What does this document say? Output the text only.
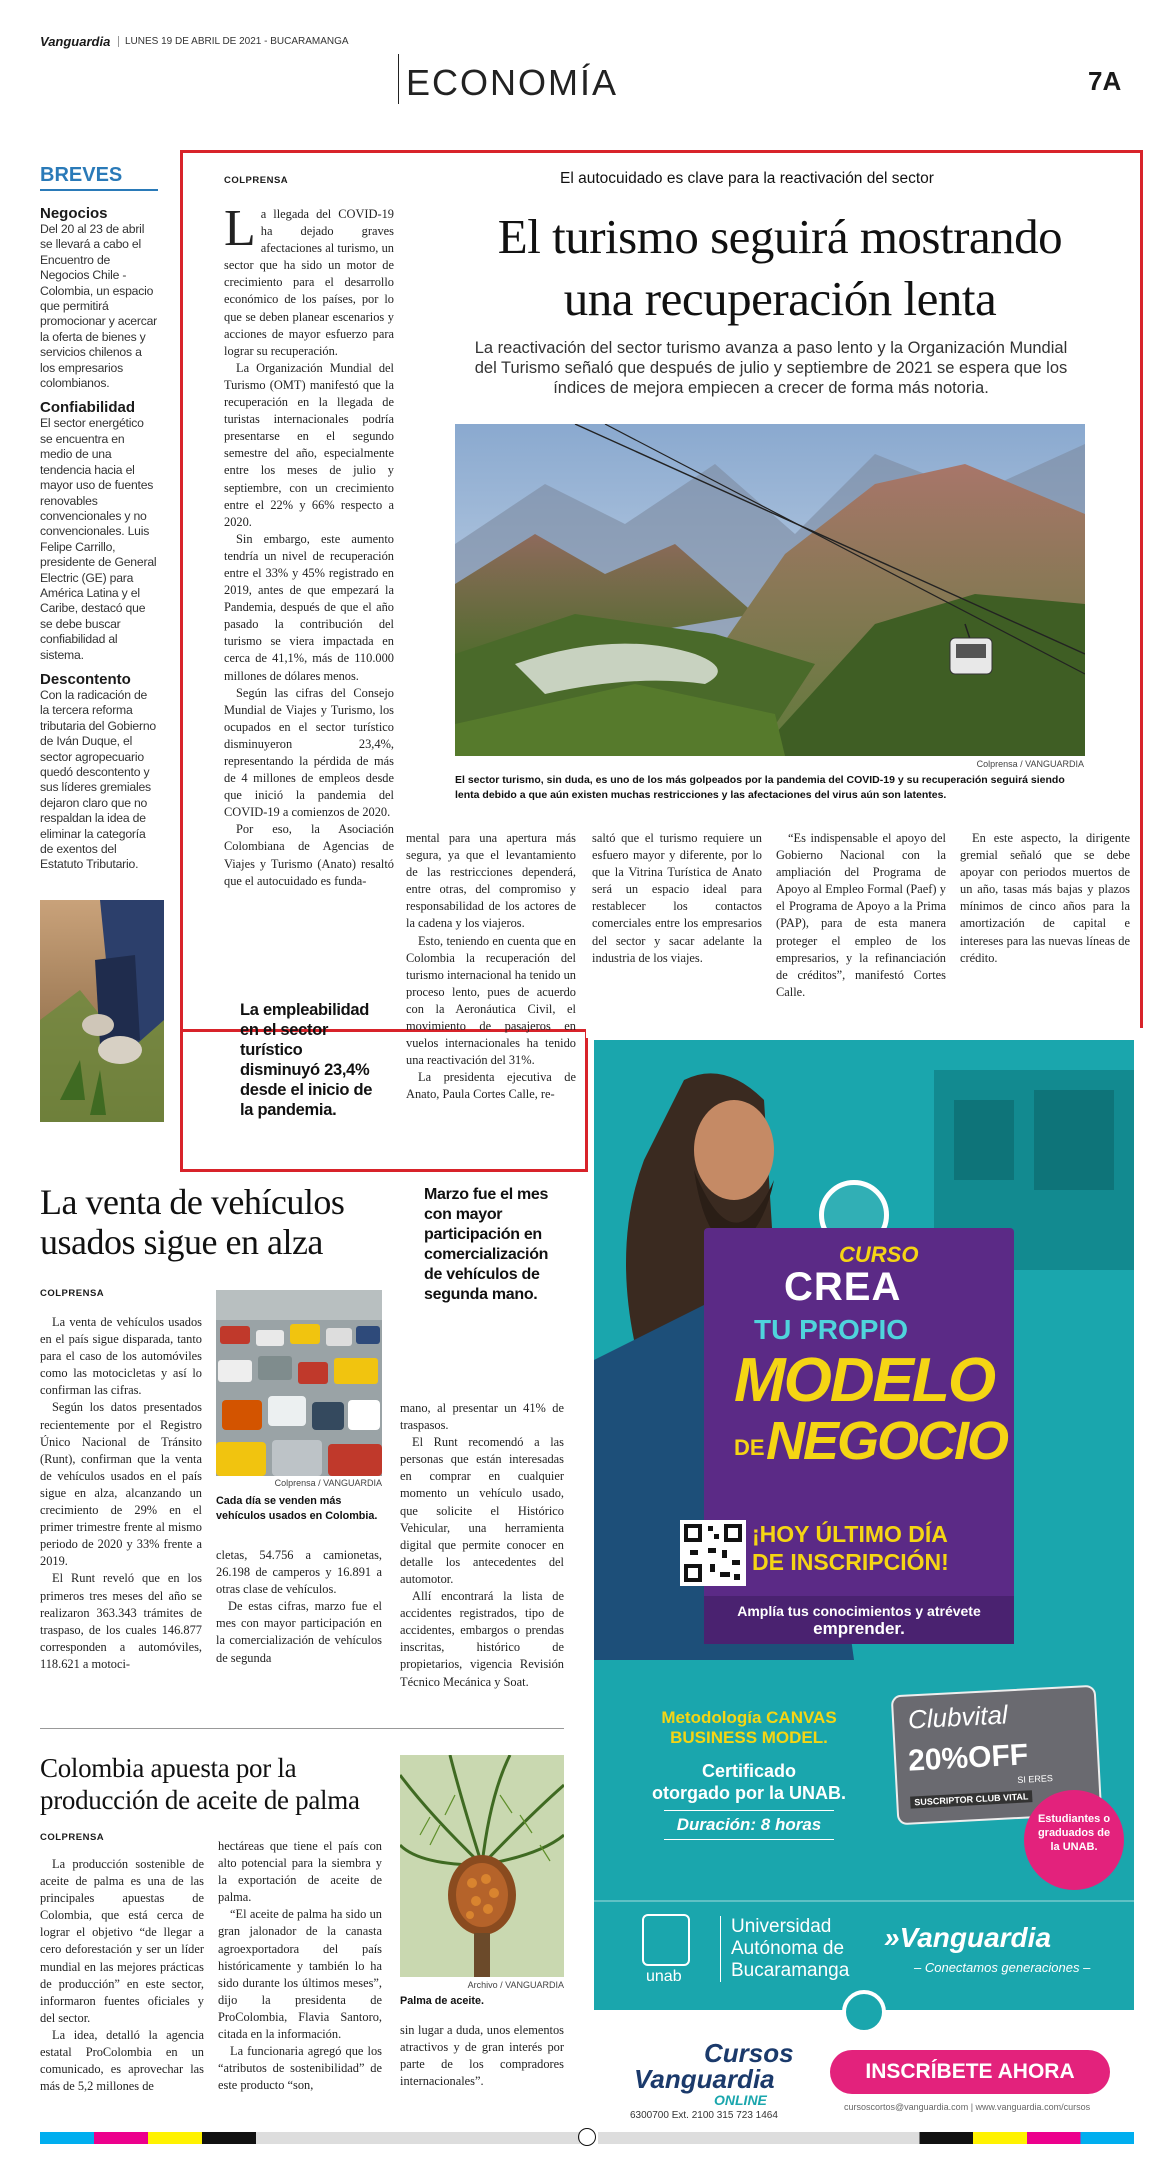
Vanguardia	LUNES 19 DE ABRIL DE 2021 - BUCARAMANGA
ECONOMÍA	7A
BREVES
Negocios
Del 20 al 23 de abril se llevará a cabo el Encuentro de Negocios Chile - Colombia, un espacio que permitirá promocionar y acercar la oferta de bienes y servicios chilenos a los empresarios colombianos.
Confiabilidad
El sector energético se encuentra en medio de una tendencia hacia el mayor uso de fuentes renovables convencionales y no convencionales. Luis Felipe Carrillo, presidente de General Electric (GE) para América Latina y el Caribe, destacó que se debe buscar confiabilidad al sistema.
Descontento
Con la radicación de la tercera reforma tributaria del Gobierno de Iván Duque, el sector agropecuario quedó descontento y sus líderes gremiales dejaron claro que no respaldan la idea de eliminar la categoría de exentos del Estatuto Tributario.
COLPRENSA	El autocuidado es clave para la reactivación del sector
El turismo seguirá mostrando
una recuperación lenta
La reactivación del sector turismo avanza a paso lento y la Organización Mundial del Turismo señaló que después de julio y septiembre de 2021 se espera que los índices de mejora empiecen a crecer de forma más notoria.

La llegada del COVID-19 ha dejado graves afectaciones al turismo, un sector que ha sido un motor de crecimiento para el desarrollo económico de los países, por lo que se deben planear escenarios y acciones de mayor esfuerzo para lograr su recuperación.

La Organización Mundial del Turismo (OMT) manifestó que la recuperación en la llegada de turistas internacionales podría presentarse en el segundo semestre del año, especialmente entre los meses de julio y septiembre, con un crecimiento entre el 22% y 66% respecto a 2020.

Sin embargo, este aumento tendría un nivel de recuperación entre el 33% y 45% registrado en 2019, antes de que empezará la Pandemia, después de que el año pasado la contribución del turismo se viera impactada en cerca de 41,1%, más de 110.000 millones de dólares menos.

Según las cifras del Consejo Mundial de Viajes y Turismo, los ocupados en el sector turístico disminuyeron 23,4%, representando la pérdida de más de 4 millones de empleos desde que inició la pandemia del COVID-19 a comienzos de 2020.

Por eso, la Asociación Colombiana de Agencias de Viajes y Turismo (Anato) resaltó que el autocuidado es funda-

Colprensa / VANGUARDIA
El sector turismo, sin duda, es uno de los más golpeados por la pandemia del COVID-19 y su recuperación seguirá siendo lenta debido a que aún existen muchas restricciones y las afectaciones del virus aún son latentes.

mental para una apertura más segura, ya que el levantamiento de las restricciones dependerá, entre otras, del compromiso y responsabilidad de los actores de la cadena y los viajeros.

Esto, teniendo en cuenta que en Colombia la recuperación del turismo internacional ha tenido un proceso lento, pues de acuerdo con la Aeronáutica Civil, el movimiento de pasajeros en vuelos internacionales ha tenido una reactivación del 31%.

La presidenta ejecutiva de Anato, Paula Cortes Calle, re-

saltó que el turismo requiere un esfuero mayor y diferente, por lo que la Vitrina Turística de Anato será un espacio ideal para restablecer los contactos comerciales entre los empresarios del sector y sacar adelante la industria de los viajes.

“Es indispensable el apoyo del Gobierno Nacional con la ampliación del Programa de Apoyo al Empleo Formal (Paef) y el Programa de Apoyo a la Prima (PAP), para de esta manera proteger el empleo de los empresarios, y la refinanciación de créditos”, manifestó Cortes Calle.

En este aspecto, la dirigente gremial señaló que se debe apoyar con periodos muertos de un año, tasas más bajas y plazos mínimos de cinco años para la amortización de capital e intereses para las nuevas líneas de crédito.

La empleabilidad en el sector turístico disminuyó 23,4% desde el inicio de la pandemia.
La venta de vehículos usados sigue en alza
Marzo fue el mes con mayor participación en comercialización de vehículos de segunda mano.
COLPRENSA

La venta de vehículos usados en el país sigue disparada, tanto para el caso de los automóviles como las motocicletas y así lo confirman las cifras.

Según los datos presentados recientemente por el Registro Único Nacional de Tránsito (Runt), confirman que la venta de vehículos usados en el país sigue en alza, alcanzando un crecimiento de 29% en el primer trimestre frente al mismo periodo de 2020 y 33% frente a 2019.

El Runt reveló que en los primeros tres meses del año se realizaron 363.343 trámites de traspaso, de los cuales 146.877 corresponden a automóviles, 118.621 a motoci-

Colprensa / VANGUARDIA
Cada día se venden más vehículos usados en Colombia.

cletas, 54.756 a camionetas, 26.198 de camperos y 16.891 a otras clase de vehículos.

De estas cifras, marzo fue el mes con mayor participación en la comercialización de vehículos de segunda

mano, al presentar un 41% de traspasos.

El Runt recomendó a las personas que están interesadas en comprar en cualquier momento un vehículo usado, que solicite el Histórico Vehicular, una herramienta digital que permite conocer en detalle los antecedentes del automotor.

Allí encontrará la lista de accidentes registrados, tipo de accidentes, embargos o prendas inscritas, histórico de propietarios, vigencia Revisión Técnico Mecánica y Soat.

Colombia apuesta por la
producción de aceite de palma
COLPRENSA

La producción sostenible de aceite de palma es una de las principales apuestas de Colombia, que está cerca de lograr el objetivo “de llegar a cero deforestación y ser un líder mundial en las mejores prácticas de producción” en este sector, informaron fuentes oficiales y del sector.

La idea, detalló la agencia estatal ProColombia en un comunicado, es aprovechar las más de 5,2 millones de

hectáreas que tiene el país con alto potencial para la siembra y la exportación de aceite de palma.

“El aceite de palma ha sido un gran jalonador de la canasta agroexportadora del país históricamente y también lo ha sido durante los últimos meses”, dijo la presidenta de ProColombia, Flavia Santoro, citada en la información.

La funcionaria agregó que los “atributos de sostenibilidad” de este producto “son,

Archivo / VANGUARDIA
Palma de aceite.

sin lugar a duda, unos elementos atractivos y de gran interés por parte de los compradores internacionales”.

CURSO
CREA
TU PROPIO
MODELO
DE NEGOCIO
¡HOY ÚLTIMO DÍA
DE INSCRIPCIÓN!
Amplía tus conocimientos y atrévete
emprender.
Metodología CANVAS
BUSINESS MODEL.
Certificado
otorgado por la UNAB.
Duración: 8 horas
Clubvital
20%OFF
SI ERES
SUSCRIPTOR CLUB VITAL
Estudiantes o graduados de la UNAB.
unab
Universidad
Autónoma de
Bucaramanga
»Vanguardia
– Conectamos generaciones –
Cursos
Vanguardia
ONLINE
6300700 Ext. 2100 315 723 1464
INSCRÍBETE AHORA
cursoscortos@vanguardia.com | www.vanguardia.com/cursos
